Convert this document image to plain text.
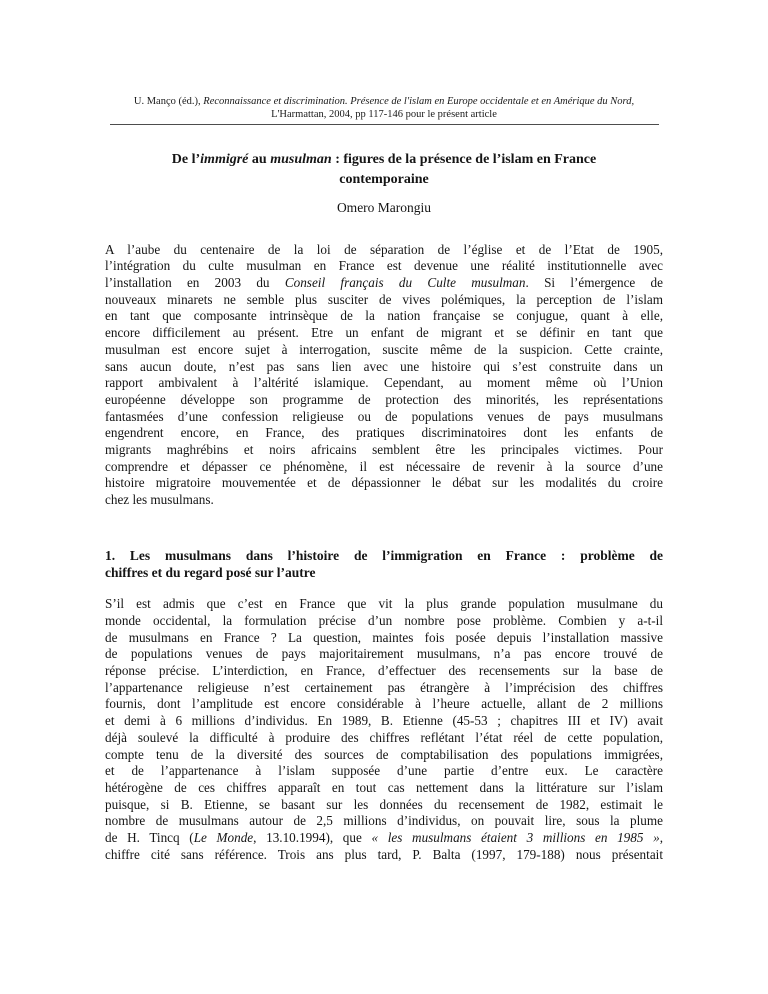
U. Manço (éd.), Reconnaissance et discrimination. Présence de l'islam en Europe occidentale et en Amérique du Nord,
L'Harmattan, 2004, pp 117-146 pour le présent article
De l’immigré au musulman : figures de la présence de l’islam en France
contemporaine
Omero Marongiu
A l’aube du centenaire de la loi de séparation de l’église et de l’Etat de 1905,
l’intégration du culte musulman en France est devenue une réalité institutionnelle avec
l’installation en 2003 du Conseil français du Culte musulman. Si l’émergence de
nouveaux minarets ne semble plus susciter de vives polémiques, la perception de l’islam
en tant que composante intrinsèque de la nation française se conjugue, quant à elle,
encore difficilement au présent. Etre un enfant de migrant et se définir en tant que
musulman est encore sujet à interrogation, suscite même de la suspicion. Cette crainte,
sans aucun doute, n’est pas sans lien avec une histoire qui s’est construite dans un
rapport ambivalent à l’altérité islamique. Cependant, au moment même où l’Union
européenne développe son programme de protection des minorités, les représentations
fantasmées d’une confession religieuse ou de populations venues de pays musulmans
engendrent encore, en France, des pratiques discriminatoires dont les enfants de
migrants maghrébins et noirs africains semblent être les principales victimes. Pour
comprendre et dépasser ce phénomène, il est nécessaire de revenir à la source d’une
histoire migratoire mouvementée et de dépassionner le débat sur les modalités du croire
chez les musulmans.
1. Les musulmans dans l’histoire de l’immigration en France : problème de
chiffres et du regard posé sur l’autre
S’il est admis que c’est en France que vit la plus grande population musulmane du
monde occidental, la formulation précise d’un nombre pose problème. Combien y a-t-il
de musulmans en France ? La question, maintes fois posée depuis l’installation massive
de populations venues de pays majoritairement musulmans, n’a pas encore trouvé de
réponse précise. L’interdiction, en France, d’effectuer des recensements sur la base de
l’appartenance religieuse n’est certainement pas étrangère à l’imprécision des chiffres
fournis, dont l’amplitude est encore considérable à l’heure actuelle, allant de 2 millions
et demi à 6 millions d’individus. En 1989, B. Etienne (45-53 ; chapitres III et IV) avait
déjà soulevé la difficulté à produire des chiffres reflétant l’état réel de cette population,
compte tenu de la diversité des sources de comptabilisation des populations immigrées,
et de l’appartenance à l’islam supposée d’une partie d’entre eux. Le caractère
hétérogène de ces chiffres apparaît en tout cas nettement dans la littérature sur l’islam
puisque, si B. Etienne, se basant sur les données du recensement de 1982, estimait le
nombre de musulmans autour de 2,5 millions d’individus, on pouvait lire, sous la plume
de H. Tincq (Le Monde, 13.10.1994), que « les musulmans étaient 3 millions en 1985 »,
chiffre cité sans référence. Trois ans plus tard, P. Balta (1997, 179-188) nous présentait
